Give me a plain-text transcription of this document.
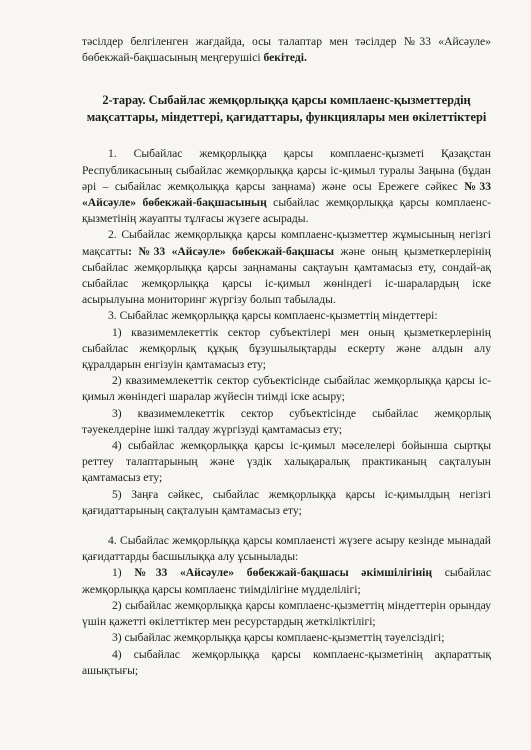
тәсілдер белгіленген жағдайда, осы талаптар мен тәсілдер №33 «Айсәуле» бөбекжай-бақшасының меңгерушісі бекітеді.

2-тарау. Сыбайлас жемқорлыққа қарсы комплаенс-қызметтердің мақсаттары, міндеттері, қағидаттары, функциялары мен өкілеттіктері

1. Сыбайлас жемқорлыққа қарсы комплаенс-қызметі Қазақстан Республикасының сыбайлас жемқорлыққа қарсы іс-қимыл туралы Заңына (бұдан әрі – сыбайлас жемқолыққа қарсы заңнама) және осы Ережеге сәйкес №33 «Айсәуле» бөбекжай-бақшасының сыбайлас жемқорлыққа қарсы комплаенс-қызметінің жауапты тұлғасы жүзеге асырады.

2. Сыбайлас жемқорлыққа қарсы комплаенс-қызметтер жұмысының негізгі мақсатты: №33 «Айсәуле» бөбекжай-бақшасы және оның қызметкерлерінің сыбайлас жемқорлыққа қарсы заңнаманы сақтауын қамтамасыз ету, сондай-ақ сыбайлас жемқорлыққа қарсы іс-қимыл жөніндегі іс-шаралардың іске асырылуына мониторинг жүргізу болып табылады.

3. Сыбайлас жемқорлыққа қарсы комплаенс-қызметтің міндеттері:

1) квазимемлекеттік сектор субъектілері мен оның қызметкерлерінің сыбайлас жемқорлық құқық бұзушылықтарды ескерту және алдын алу құралдарын енгізуін қамтамасыз ету;

2) квазимемлекеттік сектор субъектісінде сыбайлас жемқорлыққа қарсы іс-қимыл жөніндегі шаралар жүйесін тиімді іске асыру;

3) квазимемлекеттік сектор субъектісінде сыбайлас жемқорлық тәуекелдеріне ішкі талдау жүргізуді қамтамасыз ету;

4) сыбайлас жемқорлыққа қарсы іс-қимыл мәселелері бойынша сыртқы реттеу талаптарының және үздік халықаралық практиканың сақталуын қамтамасыз ету;

5) Заңға сәйкес, сыбайлас жемқорлыққа қарсы іс-қимылдың негізгі қағидаттарының сақталуын қамтамасыз ету;

4. Сыбайлас жемқорлыққа қарсы комплаенсті жүзеге асыру кезінде мынадай қағидаттарды басшылыққа алу ұсынылады:

1) №33 «Айсәуле» бөбекжай-бақшасы әкімшілігінің сыбайлас жемқорлыққа қарсы комплаенс тиімділігіне мүдделілігі;

2) сыбайлас жемқорлыққа қарсы комплаенс-қызметтің міндеттерін орындау үшін қажетті өкілеттіктер мен ресурстардың жеткіліктілігі;

3) сыбайлас жемқорлыққа қарсы комплаенс-қызметтің тәуелсіздігі;

4) сыбайлас жемқорлыққа қарсы комплаенс-қызметінің ақпараттық ашықтығы;
